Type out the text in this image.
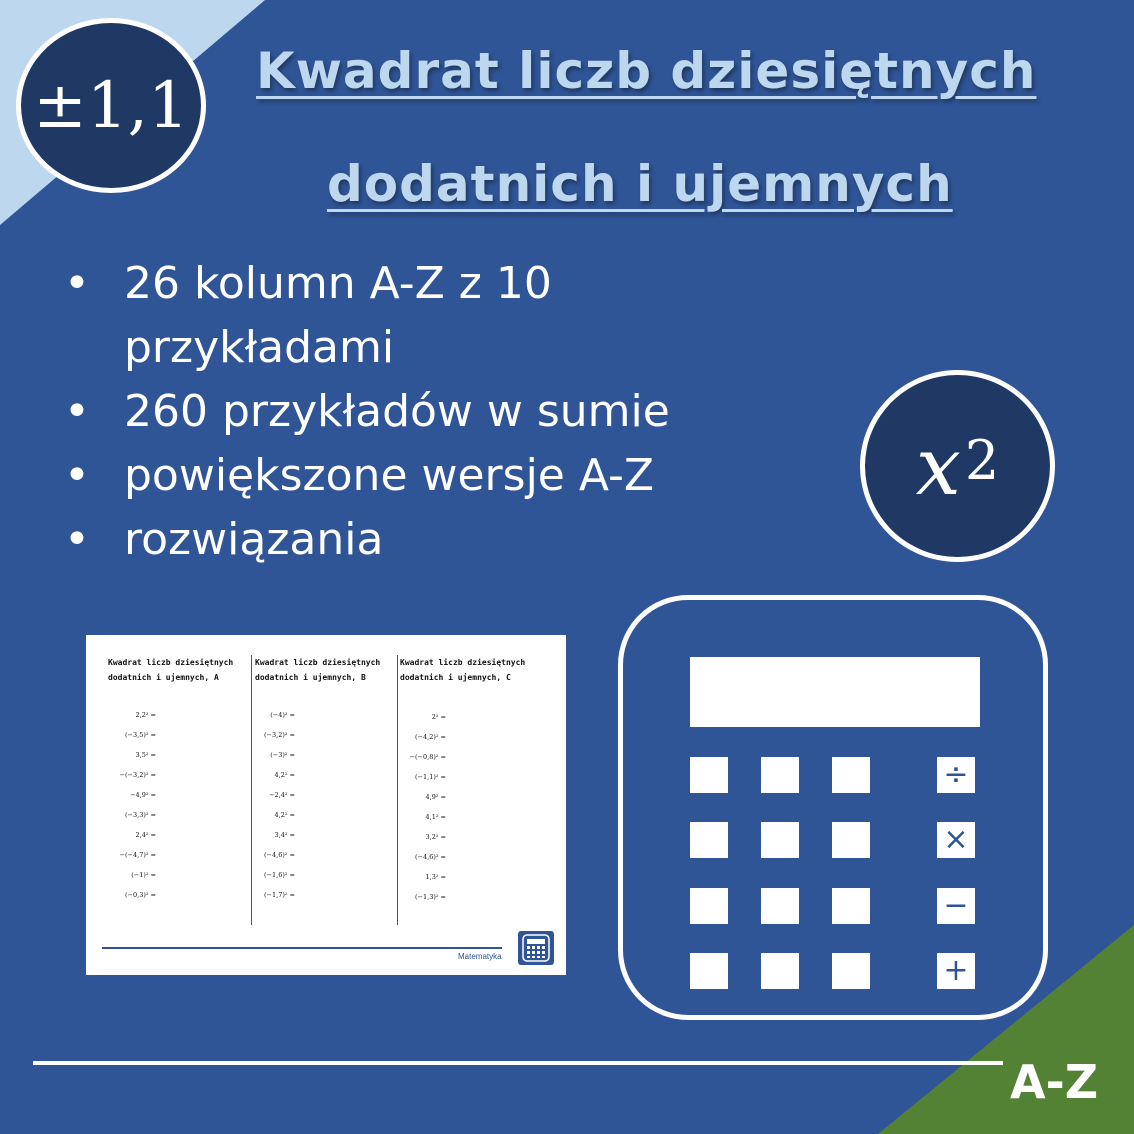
±1,1 Kwadrat liczb dziesiętnych
dodatnich i ujemnych
• 26 kolumn A-Z z 10 przykładami
• 260 przykładów w sumie
• powiększone wersje A-Z
• rozwiązania
$x^2$
Kwadrat liczb dziesiętnych
dodatnich i ujemnych, A
2,2² =
(−3,5)² =
3,5² =
−(−3,2)² =
−4,9² =
(−3,3)² =
2,4² =
−(−4,7)² =
(−1)² =
(−0,3)² =
Kwadrat liczb dziesiętnych
dodatnich i ujemnych, B
(−4)² =
(−3,2)² =
(−3)² =
4,2² =
−2,4² =
4,2² =
3,4² =
(−4,6)² =
(−1,6)² =
(−1,7)² =
Kwadrat liczb dziesiętnych
dodatnich i ujemnych, C
2² =
(−4,2)² =
−(−0,8)² =
(−1,1)² =
4,9² =
4,1² =
3,2² =
(−4,6)² =
1,3² =
(−1,3)² =
Matematyka
÷
×
−
+
A-Z
